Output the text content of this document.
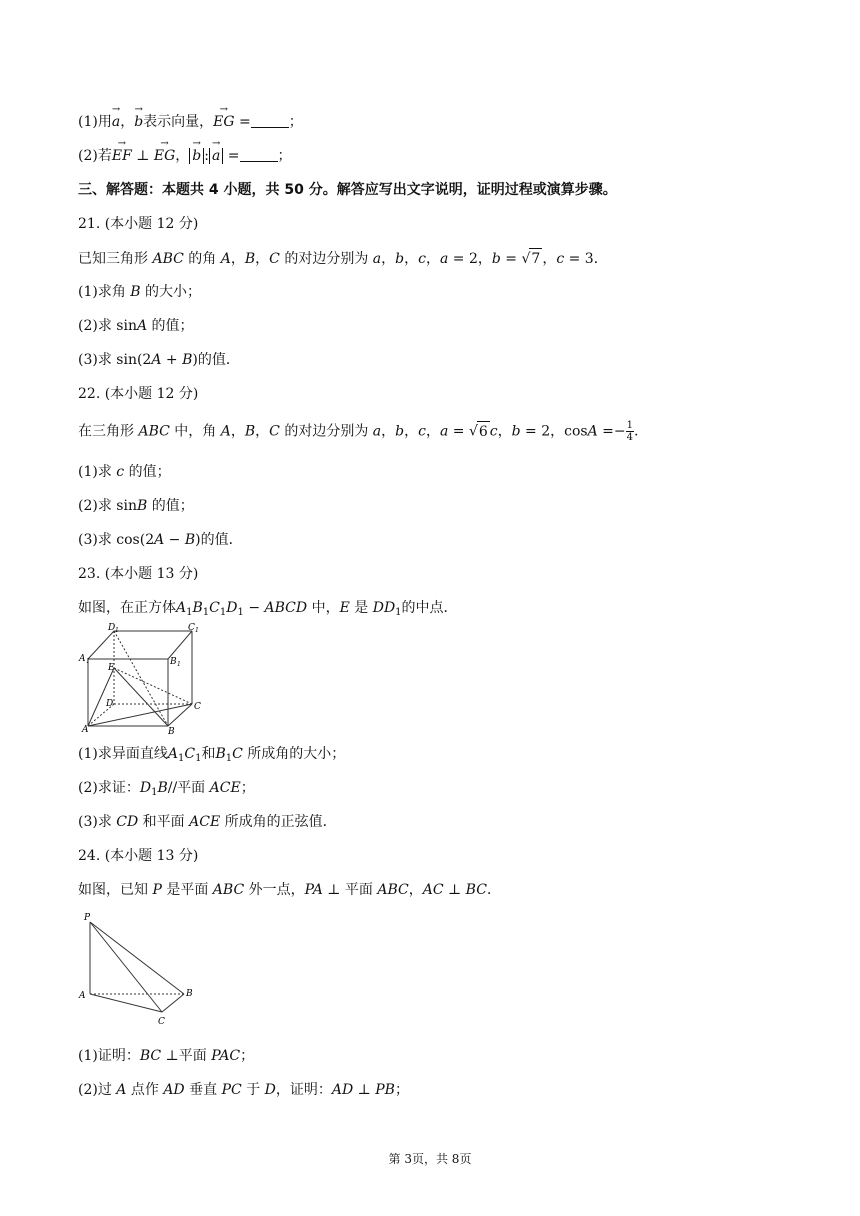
(1)用→ a，→ b表示向量，→ EG =	；
(2)若→ EF ⊥ → EG， → b : → a =	；
三、解答题：本题共 4 小题，共 50 分。解答应写出文字说明，证明过程或演算步骤。
21. (本小题 12 分)
已知三角形 ABC 的角 A，B，C 的对边分别为 a，b，c，a = 2，b = √7 ，c = 3．
(1)求角 B 的大小；
(2)求 sinA 的值；
(3)求 sin(2A + B)的值．
22. (本小题 12 分)
在三角形 ABC 中，角 A，B，C 的对边分别为 a，b，c，a = √6 c，b = 2，$\cos A =- \frac{1}{4}$ .
(1)求 c 的值；
(2)求 sinB 的值；
(3)求 cos(2A − B)的值．
23. (本小题 13 分)
如图，在正方体$A_1B_1C_1D_1$ − ABCD 中，E 是 $DD_1$的中点．
D 1	C 1
A 1	B 1
E
D	C
A	B
(1)求异面直线$A_1C_1$和$B_1C$ 所成角的大小；
(2)求证：$D_1B//$平面 ACE；
(3)求 CD 和平面 ACE 所成角的正弦值．
24. (本小题 13 分)
如图，已知 P 是平面 ABC 外一点，PA ⊥ 平面 ABC，AC ⊥ BC．
P
A	B
C
(1)证明：BC ⊥平面 PAC；
(2)过 A 点作 AD 垂直 PC 于 D，证明：AD ⊥ PB；
第 3页，共 8页
